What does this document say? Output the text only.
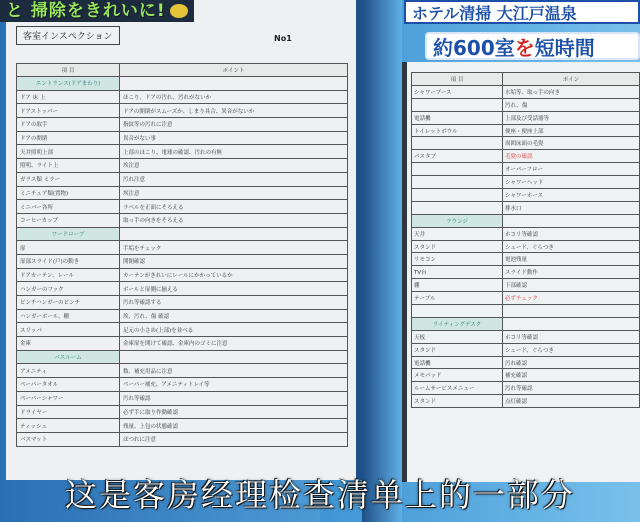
客室インスペクション	No1
項 目	ポイント
エントランス(ドアまわり)	
ドア 床 上	ほこり、ドアの汚れ、汚れがないか
ドアストッパー	ドアの開閉がスムーズか、しまり具合、異音がないか
ドアの取手	指紋等の汚れに注意
ドアの開閉	異音がない事
天井照明上部	上部のほこり、電球の確認、汚れの有無
照明、ライト上	埃注意
ガラス類 ミラー	汚れ注意
ミニチュア類(置物)	埃注意
ミニバー各所	ラベルを正面にそろえる
コーヒーカップ	取っ手の向きをそろえる
ワードローブ	
扉	手垢をチェック
扉部スライド(戸)の動き	開閉確認
ドアカーテン、レール	カーテンがきれいにレールにかかっているか
ハンガーのフック	ボールと扉側に揃える
ピンチハンガーのピンチ	汚れ等確認する
ハンガーボール、棚	埃、汚れ、傷 確認
スリッパ	足元の小さめ(上部)を並べる
金庫	金庫扉を開けて確認、金庫内のゴミに注意
バスルーム	
アメニティ	数、補充用品に注意
ペーパータオル	ペーパー補充、アメニティトレイ等
ペーパーシャワー	汚れ等確認
ドライヤー	必ず手に取り作動確認
ティッシュ	残量、上包の状態確認
バスマット	ほつれに注意
と 掃除をきれいに!	ホテル清掃 大江戸温泉
約600室を短時間
項 目	ポイン
シャワーブース	水垢等、取っ手の向き
	汚れ、傷
電話機	上部及び受話器等
トイレットボウル	便座・便座上部
	周囲床面の毛髪
バスタブ	毛髪の確認
	オーバーフロー
	シャワーヘッド
	シャワーホース
	排水口
ラウンジ	
天井	ホコリ等確認
スタンド	シェード、ぐらつき
リモコン	電池残量
TV台	スライド動作
棚	下部確認
テーブル	必ずチェック

ライティングデスク	
天板	ホコリ等確認
スタンド	シェード、ぐらつき
電話機	汚れ確認
メモパッド	補充確認
ルームサービスメニュー	汚れ等確認
スタンド	点灯確認
这是客房经理检查清单上的一部分
